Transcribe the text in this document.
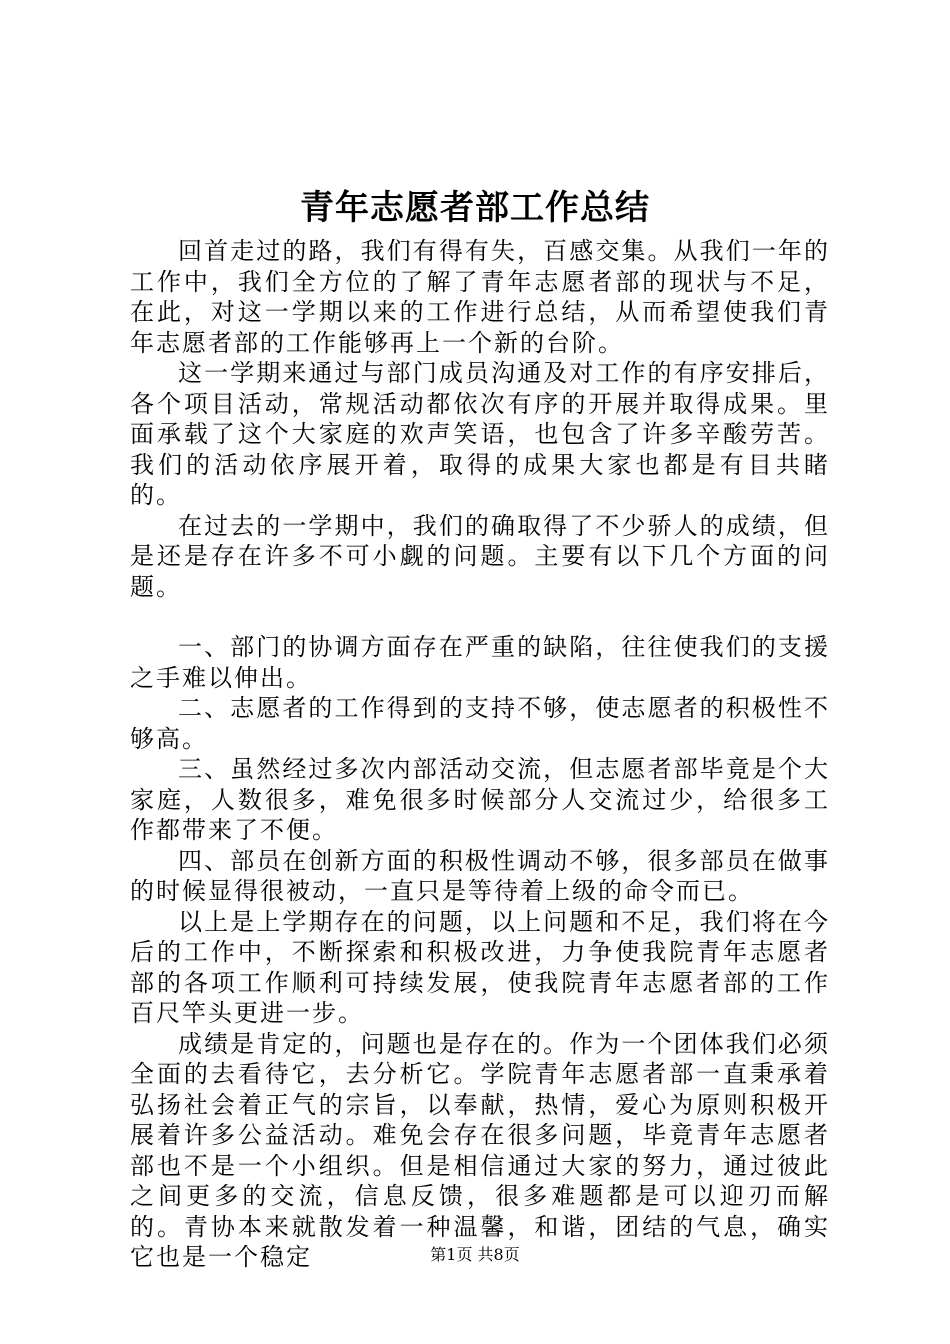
青年志愿者部工作总结

回首走过的路，我们有得有失，百感交集。从我们一年的工作中，我们全方位的了解了青年志愿者部的现状与不足，在此，对这一学期以来的工作进行总结，从而希望使我们青年志愿者部的工作能够再上一个新的台阶。

这一学期来通过与部门成员沟通及对工作的有序安排后，各个项目活动，常规活动都依次有序的开展并取得成果。里面承载了这个大家庭的欢声笑语，也包含了许多辛酸劳苦。我们的活动依序展开着，取得的成果大家也都是有目共睹的。

在过去的一学期中，我们的确取得了不少骄人的成绩，但是还是存在许多不可小觑的问题。主要有以下几个方面的问题。

一、部门的协调方面存在严重的缺陷，往往使我们的支援之手难以伸出。

二、志愿者的工作得到的支持不够，使志愿者的积极性不够高。

三、虽然经过多次内部活动交流，但志愿者部毕竟是个大家庭，人数很多，难免很多时候部分人交流过少，给很多工作都带来了不便。

四、部员在创新方面的积极性调动不够，很多部员在做事的时候显得很被动，一直只是等待着上级的命令而已。

以上是上学期存在的问题，以上问题和不足，我们将在今后的工作中，不断探索和积极改进，力争使我院青年志愿者部的各项工作顺利可持续发展，使我院青年志愿者部的工作百尺竿头更进一步。

成绩是肯定的，问题也是存在的。作为一个团体我们必须全面的去看待它，去分析它。学院青年志愿者部一直秉承着弘扬社会着正气的宗旨，以奉献，热情，爱心为原则积极开展着许多公益活动。难免会存在很多问题，毕竟青年志愿者部也不是一个小组织。但是相信通过大家的努力，通过彼此之间更多的交流，信息反馈，很多难题都是可以迎刃而解的。青协本来就散发着一种温馨，和谐，团结的气息，确实它也是一个稳定	第1页 共8页
